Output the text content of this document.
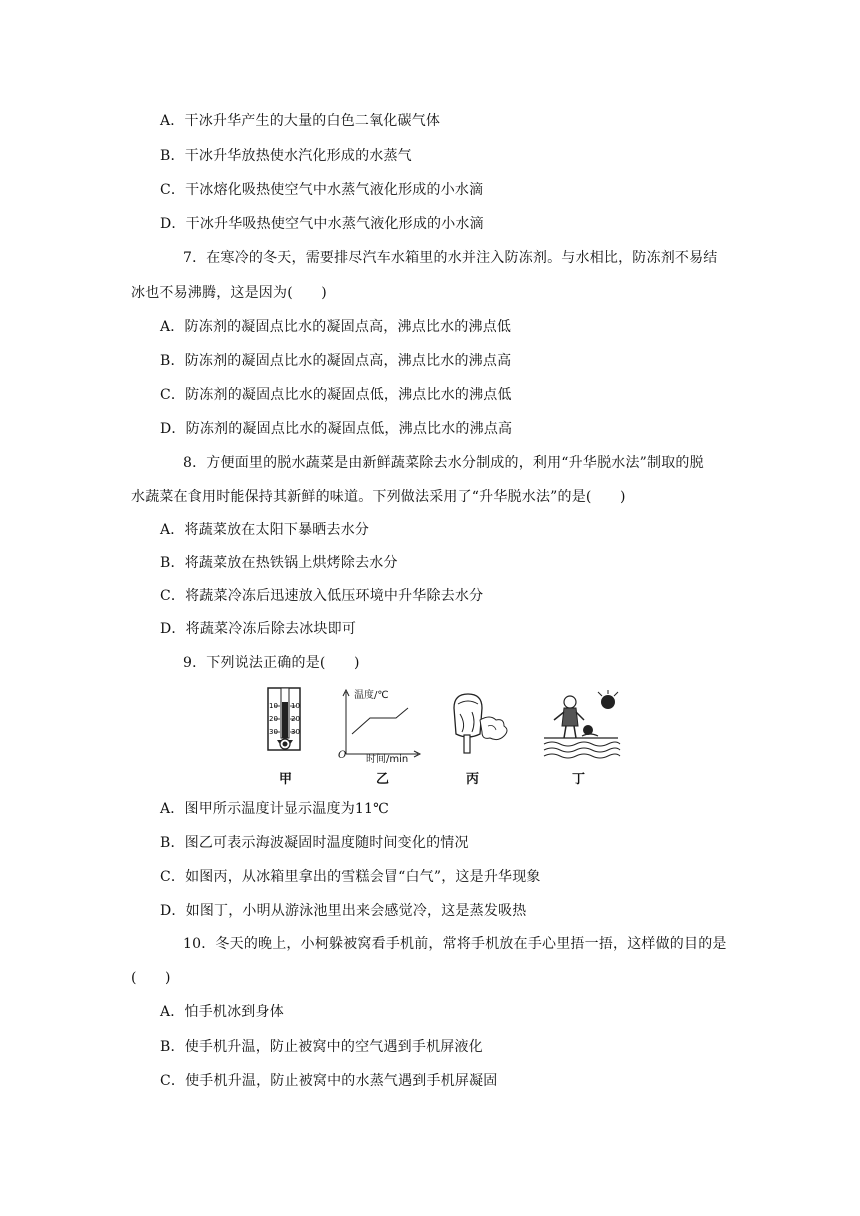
A．干冰升华产生的大量的白色二氧化碳气体
B．干冰升华放热使水汽化形成的水蒸气
C．干冰熔化吸热使空气中水蒸气液化形成的小水滴
D．干冰升华吸热使空气中水蒸气液化形成的小水滴
7．在寒冷的冬天，需要排尽汽车水箱里的水并注入防冻剂。与水相比，防冻剂不易结
冰也不易沸腾，这是因为(　　)
A．防冻剂的凝固点比水的凝固点高，沸点比水的沸点低
B．防冻剂的凝固点比水的凝固点高，沸点比水的沸点高
C．防冻剂的凝固点比水的凝固点低，沸点比水的沸点低
D．防冻剂的凝固点比水的凝固点低，沸点比水的沸点高
8．方便面里的脱水蔬菜是由新鲜蔬菜除去水分制成的，利用“升华脱水法”制取的脱
水蔬菜在食用时能保持其新鲜的味道。下列做法采用了“升华脱水法”的是(　　)
A．将蔬菜放在太阳下暴晒去水分
B．将蔬菜放在热铁锅上烘烤除去水分
C．将蔬菜冷冻后迅速放入低压环境中升华除去水分
D．将蔬菜冷冻后除去冰块即可
9．下列说法正确的是(　　)
10
20
30
10
20
30
甲
温度/℃
O 时间/min
乙	丙	丁
A．图甲所示温度计显示温度为11℃
B．图乙可表示海波凝固时温度随时间变化的情况
C．如图丙，从冰箱里拿出的雪糕会冒“白气”，这是升华现象
D．如图丁，小明从游泳池里出来会感觉冷，这是蒸发吸热
10．冬天的晚上，小柯躲被窝看手机前，常将手机放在手心里捂一捂，这样做的目的是
(　　)
A．怕手机冰到身体
B．使手机升温，防止被窝中的空气遇到手机屏液化
C．使手机升温，防止被窝中的水蒸气遇到手机屏凝固
